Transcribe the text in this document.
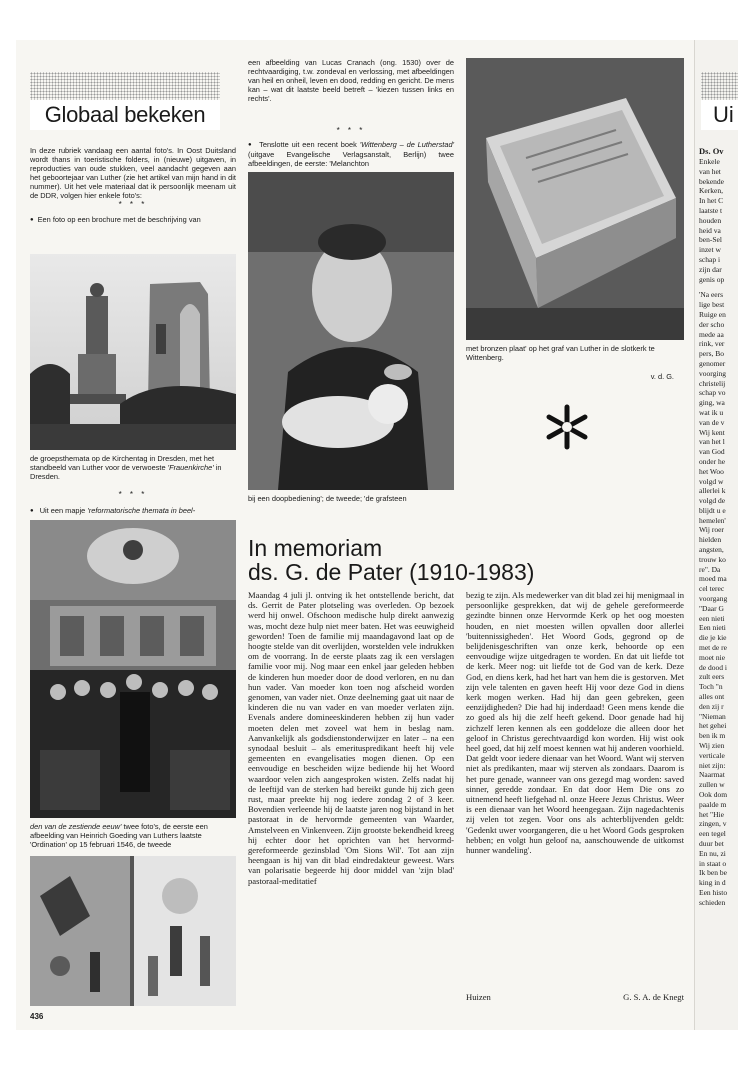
Globaal bekeken

In deze rubriek vandaag een aantal foto's. In Oost Duitsland wordt thans in toeristische folders, in (nieuwe) uitgaven, in reproducties van oude stukken, veel aandacht gegeven aan het geboortejaar van Luther (zie het artikel van mijn hand in dit nummer). Uit het vele materiaal dat ik persoonlijk meenam uit de DDR, volgen hier enkele foto's:

* * *

● Een foto op een brochure met de beschrijving van

de groepsthemata op de Kirchentag in Dresden, met het standbeeld van Luther voor de verwoeste 'Frauenkirche' in Dresden.
* * *
● Uit een mapje 'reformatorische themata in beel-
den van de zestiende eeuw' twee foto's, de eerste een afbeelding van Heinrich Goeding van Luthers laatste 'Ordination' op 15 februari 1546, de tweede
436
een afbeelding van Lucas Cranach (ong. 1530) over de rechtvaardiging, t.w. zondeval en verlossing, met afbeeldingen van heil en onheil, leven en dood, redding en gericht. De mens kan – wat dit laatste beeld betreft – 'kiezen tussen links en rechts'.
* * *
● Tenslotte uit een recent boek 'Wittenberg – de Lutherstad' (uitgave Evangelische Verlagsanstalt, Berlijn) twee afbeeldingen, de eerste: 'Melanchton
bij een doopbediening'; de tweede; 'de grafsteen
met bronzen plaat' op het graf van Luther in de slotkerk te Wittenberg.
v. d. G.
In memoriam
ds. G. de Pater (1910-1983)
Maandag 4 juli jl. ontving ik het ontstellende bericht, dat ds. Gerrit de Pater plotseling was overleden. Op bezoek werd hij onwel. Ofschoon medische hulp direkt aanwezig was, mocht deze hulp niet meer baten. Het was eeuwigheid geworden! Toen de familie mij maandagavond laat op de hoogte stelde van dit overlijden, worstelden vele indrukken om de voorrang. In de eerste plaats zag ik een verslagen familie voor mij. Nog maar een enkel jaar geleden hebben de kinderen hun moeder door de dood verloren, en nu dan hun vader. Van moeder kon toen nog afscheid worden genomen, van vader niet. Onze deelneming gaat uit naar de kinderen die nu van vader en van moeder verlaten zijn. Evenals andere domineeskinderen hebben zij hun vader moeten delen met zoveel wat hem in beslag nam. Aanvankelijk als godsdienstonderwijzer en later – na een synodaal besluit – als emerituspredikant heeft hij vele gemeenten en evangelisaties mogen dienen. Op een eenvoudige en bescheiden wijze bediende hij het Woord waardoor velen zich aangesproken wisten. Zelfs nadat hij de leeftijd van de sterken had bereikt gunde hij zich geen rust, maar preekte hij nog iedere zondag 2 of 3 keer. Bovendien verleende hij de laatste jaren nog bijstand in het pastoraat in de hervormde gemeenten van Waarder, Amstelveen en Vinkenveen. Zijn grootste bekendheid kreeg hij echter door het oprichten van het hervormd-gereformeerde gezinsblad 'Om Sions Wil'. Tot aan zijn heengaan is hij van dit blad eindredakteur geweest. Wars van polarisatie begeerde hij door middel van 'zijn blad' pastoraal-meditatief
bezig te zijn. Als medewerker van dit blad zei hij menigmaal in persoonlijke gesprekken, dat wij de gehele gereformeerde gezindte binnen onze Hervormde Kerk op het oog moesten houden, en niet moesten willen opvallen door allerlei 'buitennissigheden'. Het Woord Gods, gegrond op de belijdenisgeschriften van onze kerk, behoorde op een eenvoudige wijze uitgedragen te worden. En dat uit liefde tot de kerk. Meer nog: uit liefde tot de God van de kerk. Deze God, en diens kerk, had het hart van hem die is gestorven. Met zijn vele talenten en gaven heeft Hij voor deze God in diens kerk mogen werken. Had hij dan geen gebreken, geen eenzijdigheden? Die had hij inderdaad! Geen mens kende die zo goed als hij die zelf heeft gekend. Door genade had hij zichzelf leren kennen als een goddeloze die alleen door het geloof in Christus gerechtvaardigd kon worden. Hij wist ook heel goed, dat hij zelf moest kennen wat hij anderen voorhield. Dat geldt voor iedere dienaar van het Woord. Want wij sterven niet als predikanten, maar wij sterven als zondaars. Daarom is het pure genade, wanneer van ons gezegd mag worden: saved sinner, geredde zondaar. En dat door Hem Die ons zo uitnemend heeft liefgehad nl. onze Heere Jezus Christus. Weer is een dienaar van het Woord heengegaan. Zijn nagedachtenis zij velen tot zegen. Voor ons als achterblijvenden geldt: 'Gedenkt uwer voorgangeren, die u het Woord Gods gesproken hebben; en volgt hun geloof na, aanschouwende de uitkomst hunner wandeling'.
Huizen	G. S. A. de Knegt
Ui
Ds. Ov
Enkele
van het
bekende
Kerken,
In het C
laatste t
houden
heid va
ben-Sel
inzet w
schap i
zijn dar
genis op

'Na eers
lige best
Ruige en
der scho
mede aa
rink, ver
pers, Bo
genomer
voorging
christelij
schap vo
ging, wa
wat ik u
van de v
Wij kent
van het l
van God
onder he
het Woo
volgd w
allerlei k
volgd de
blijdt u e
hemelen'
Wij roer
hielden
angsten,
trouw ko
re". Da
moed ma
cel terec
voorgang
"Daar G
een nieti
Een nieti
die je kie
met de re
moet nie
de dood i
zult eers
Toch "n
alles ont
den zij r
"Nieman
het gehei
ben ik m
Wij zien
verticale
niet zijn:
Naarmat
zullen w
Ook dom
paalde m
het "Hie
zingen, v
een tegel
duur bet
En nu, zi
in staat o
Ik ben be
king in d
Een histo
schieden
